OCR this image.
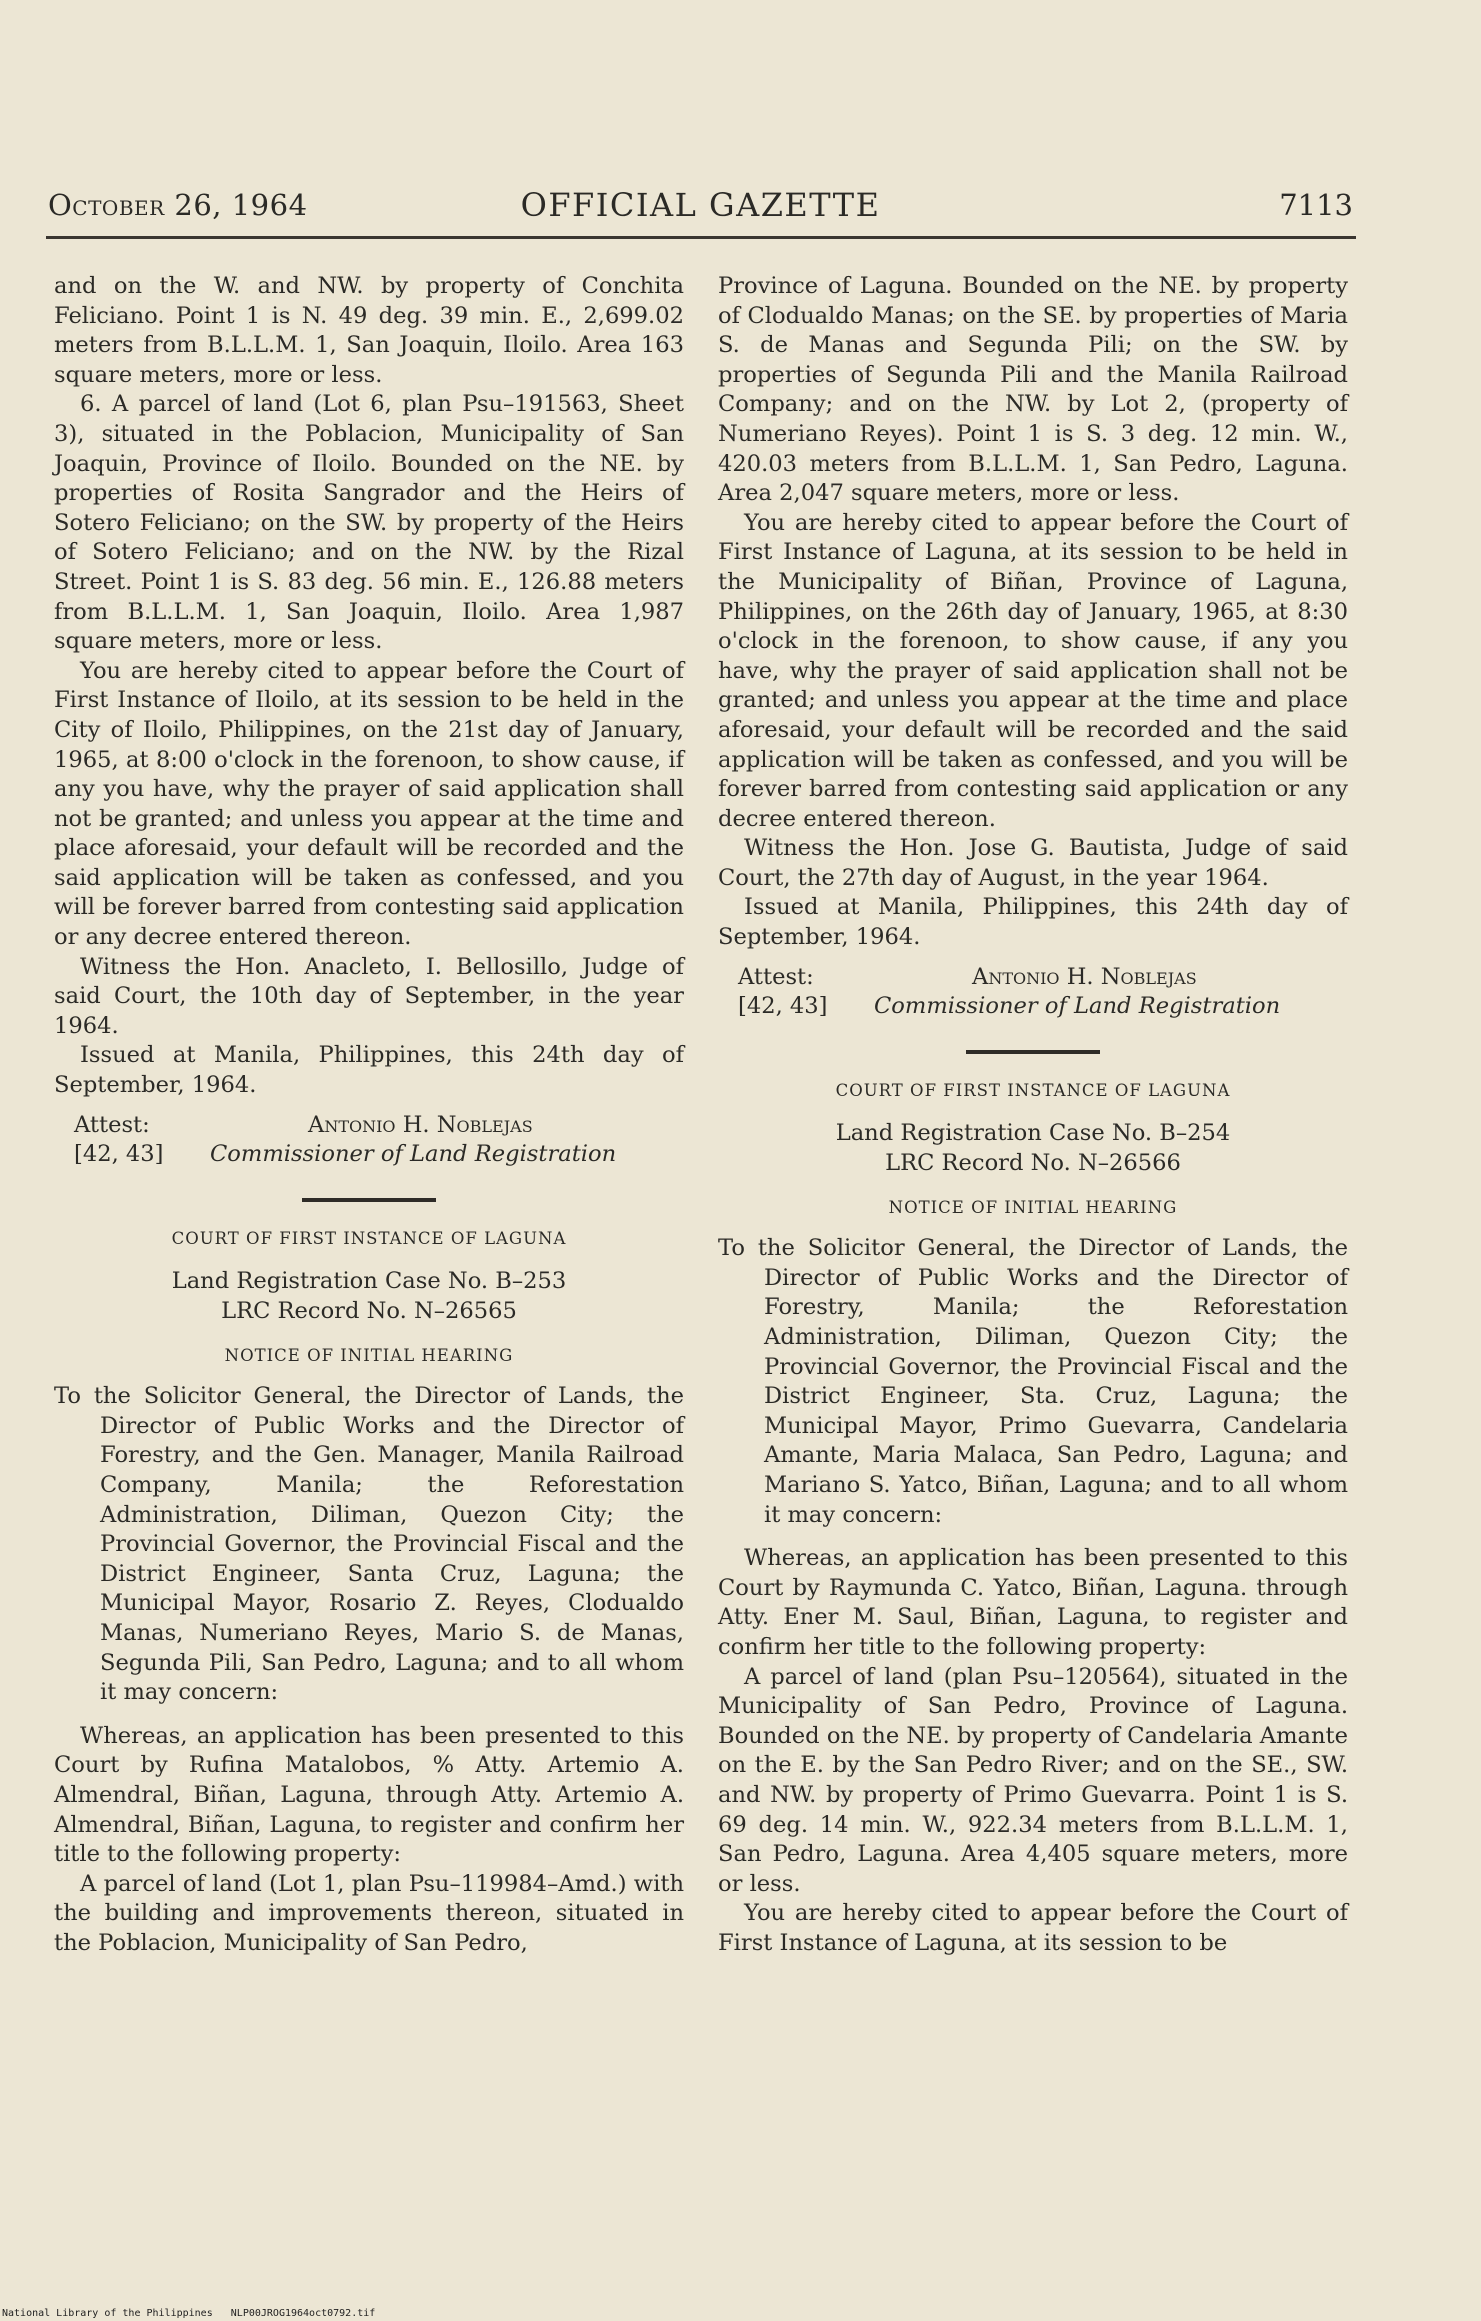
October 26, 1964	OFFICIAL GAZETTE	7113

and on the W. and NW. by property of Conchita Feliciano. Point 1 is N. 49 deg. 39 min. E., 2,699.02 meters from B.L.L.M. 1, San Joaquin, Iloilo. Area 163 square meters, more or less.

6. A parcel of land (Lot 6, plan Psu–191563, Sheet 3), situated in the Poblacion, Municipality of San Joaquin, Province of Iloilo. Bounded on the NE. by properties of Rosita Sangrador and the Heirs of Sotero Feliciano; on the SW. by property of the Heirs of Sotero Feliciano; and on the NW. by the Rizal Street. Point 1 is S. 83 deg. 56 min. E., 126.88 meters from B.L.L.M. 1, San Joaquin, Iloilo. Area 1,987 square meters, more or less.

You are hereby cited to appear before the Court of First Instance of Iloilo, at its session to be held in the City of Iloilo, Philippines, on the 21st day of January, 1965, at 8:00 o'clock in the forenoon, to show cause, if any you have, why the prayer of said application shall not be granted; and unless you appear at the time and place aforesaid, your default will be recorded and the said application will be taken as confessed, and you will be forever barred from contesting said application or any decree entered thereon.

Witness the Hon. Anacleto, I. Bellosillo, Judge of said Court, the 10th day of September, in the year 1964.

Issued at Manila, Philippines, this 24th day of September, 1964.

Attest:	Antonio H. Noblejas
[42, 43]	Commissioner of Land Registration
COURT OF FIRST INSTANCE OF LAGUNA
Land Registration Case No. B–253
LRC Record No. N–26565
NOTICE OF INITIAL HEARING

To the Solicitor General, the Director of Lands, the Director of Public Works and the Director of Forestry, and the Gen. Manager, Manila Railroad Company, Manila; the Reforestation Administration, Diliman, Quezon City; the Provincial Governor, the Provincial Fiscal and the District Engineer, Santa Cruz, Laguna; the Municipal Mayor, Rosario Z. Reyes, Clodualdo Manas, Numeriano Reyes, Mario S. de Manas, Segunda Pili, San Pedro, Laguna; and to all whom it may concern:

Whereas, an application has been presented to this Court by Rufina Matalobos, % Atty. Artemio A. Almendral, Biñan, Laguna, through Atty. Artemio A. Almendral, Biñan, Laguna, to register and confirm her title to the following property:

A parcel of land (Lot 1, plan Psu–119984–Amd.) with the building and improvements thereon, situated in the Poblacion, Municipality of San Pedro,

Province of Laguna. Bounded on the NE. by property of Clodualdo Manas; on the SE. by properties of Maria S. de Manas and Segunda Pili; on the SW. by properties of Segunda Pili and the Manila Railroad Company; and on the NW. by Lot 2, (property of Numeriano Reyes). Point 1 is S. 3 deg. 12 min. W., 420.03 meters from B.L.L.M. 1, San Pedro, Laguna. Area 2,047 square meters, more or less.

You are hereby cited to appear before the Court of First Instance of Laguna, at its session to be held in the Municipality of Biñan, Province of Laguna, Philippines, on the 26th day of January, 1965, at 8:30 o'clock in the forenoon, to show cause, if any you have, why the prayer of said application shall not be granted; and unless you appear at the time and place aforesaid, your default will be recorded and the said application will be taken as confessed, and you will be forever barred from contesting said application or any decree entered thereon.

Witness the Hon. Jose G. Bautista, Judge of said Court, the 27th day of August, in the year 1964.

Issued at Manila, Philippines, this 24th day of September, 1964.

Attest:	Antonio H. Noblejas
[42, 43]	Commissioner of Land Registration
COURT OF FIRST INSTANCE OF LAGUNA
Land Registration Case No. B–254
LRC Record No. N–26566
NOTICE OF INITIAL HEARING

To the Solicitor General, the Director of Lands, the Director of Public Works and the Director of Forestry, Manila; the Reforestation Administration, Diliman, Quezon City; the Provincial Governor, the Provincial Fiscal and the District Engineer, Sta. Cruz, Laguna; the Municipal Mayor, Primo Guevarra, Candelaria Amante, Maria Malaca, San Pedro, Laguna; and Mariano S. Yatco, Biñan, Laguna; and to all whom it may concern:

Whereas, an application has been presented to this Court by Raymunda C. Yatco, Biñan, Laguna. through Atty. Ener M. Saul, Biñan, Laguna, to register and confirm her title to the following property:

A parcel of land (plan Psu–120564), situated in the Municipality of San Pedro, Province of Laguna. Bounded on the NE. by property of Candelaria Amante on the E. by the San Pedro River; and on the SE., SW. and NW. by property of Primo Guevarra. Point 1 is S. 69 deg. 14 min. W., 922.34 meters from B.L.L.M. 1, San Pedro, Laguna. Area 4,405 square meters, more or less.

You are hereby cited to appear before the Court of First Instance of Laguna, at its session to be

National Library of the Philippines NLP00JROG1964oct0792.tif
